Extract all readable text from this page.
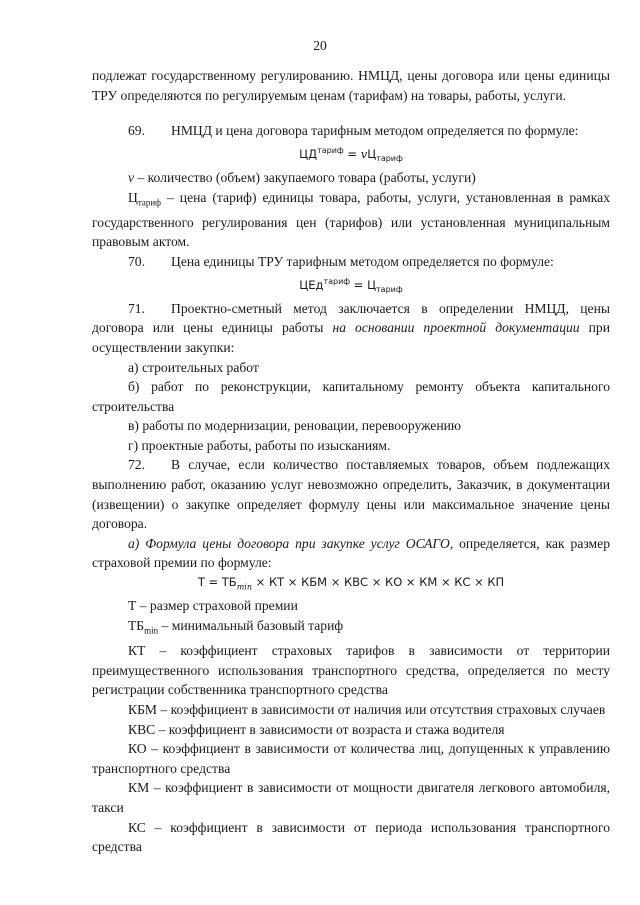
20

подлежат государственному регулированию. НМЦД, цены договора или цены единицы ТРУ определяются по регулируемым ценам (тарифам) на товары, работы, услуги.

69. НМЦД и цена договора тарифным методом определяется по формуле:

$ЦД^{тариф} = vЦ_{тариф}$

v – количество (объем) закупаемого товара (работы, услуги)

$Ц_{тариф}$ – цена (тариф) единицы товара, работы, услуги, установленная в рамках государственного регулирования цен (тарифов) или установленная муниципальным правовым актом.

70. Цена единицы ТРУ тарифным методом определяется по формуле:

$ЦЕд^{тариф} = Ц_{тариф}$

71. Проектно-сметный метод заключается в определении НМЦД, цены договора или цены единицы работы на основании проектной документации при осуществлении закупки:

а) строительных работ

б) работ по реконструкции, капитальному ремонту объекта капитального строительства

в) работы по модернизации, реновации, перевооружению

г) проектные работы, работы по изысканиям.

72. В случае, если количество поставляемых товаров, объем подлежащих выполнению работ, оказанию услуг невозможно определить, Заказчик, в документации (извещении) о закупке определяет формулу цены или максимальное значение цены договора.

а) Формула цены договора при закупке услуг ОСАГО, определяется, как размер страховой премии по формуле:

$Т = ТБ_{min}$ × КТ × КБМ × КВС × КО × КМ × КС × КП

Т – размер страховой премии

$ТБ_{min}$ – минимальный базовый тариф

КТ – коэффициент страховых тарифов в зависимости от территории преимущественного использования транспортного средства, определяется по месту регистрации собственника транспортного средства

КБМ – коэффициент в зависимости от наличия или отсутствия страховых случаев

КВС – коэффициент в зависимости от возраста и стажа водителя

КО – коэффициент в зависимости от количества лиц, допущенных к управлению транспортного средства

КМ – коэффициент в зависимости от мощности двигателя легкового автомобиля, такси

КС – коэффициент в зависимости от периода использования транспортного средства
